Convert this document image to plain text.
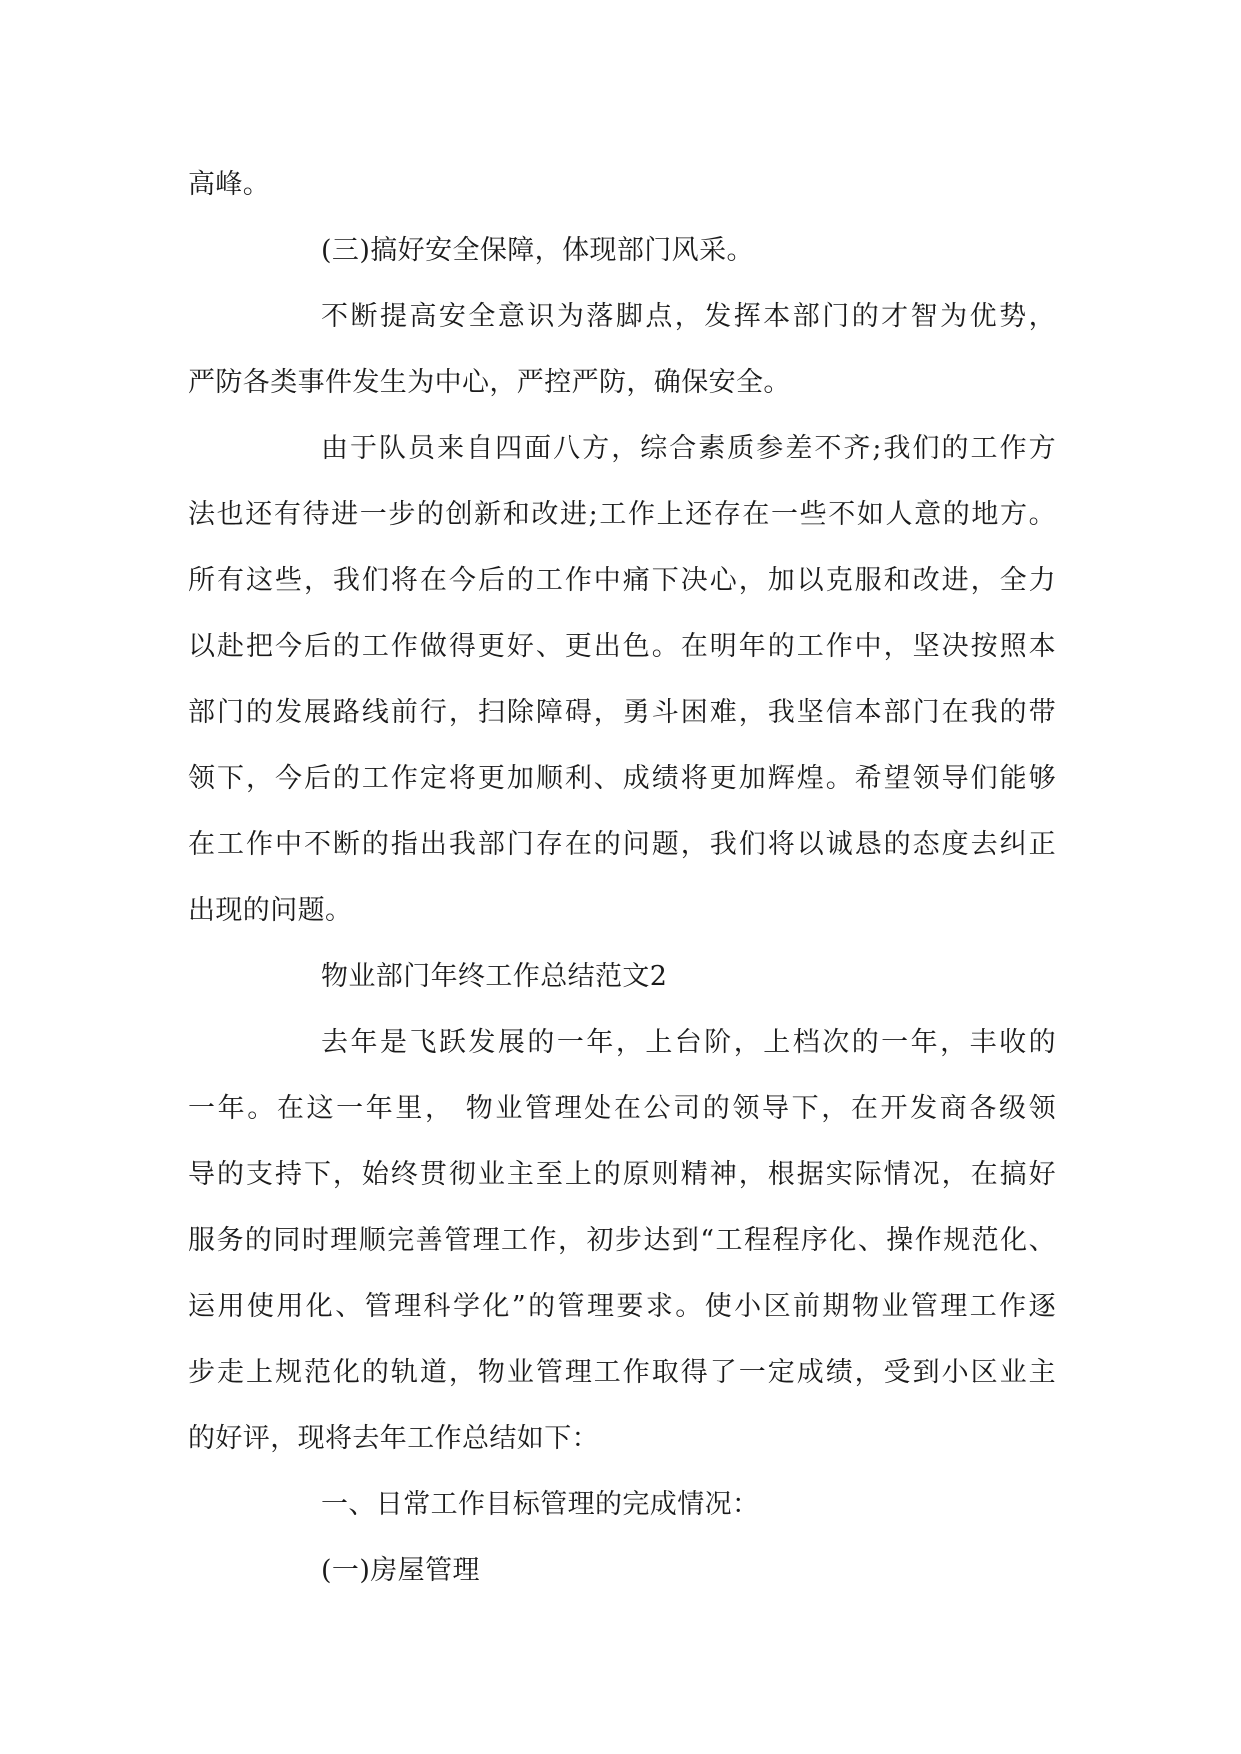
高峰。
(三)搞好安全保障，体现部门风采。
不断提高安全意识为落脚点，发挥本部门的才智为优势，
严防各类事件发生为中心，严控严防，确保安全。
由于队员来自四面八方，综合素质参差不齐;我们的工作方
法也还有待进一步的创新和改进;工作上还存在一些不如人意的地方。
所有这些，我们将在今后的工作中痛下决心，加以克服和改进，全力
以赴把今后的工作做得更好、更出色。在明年的工作中，坚决按照本
部门的发展路线前行，扫除障碍，勇斗困难，我坚信本部门在我的带
领下，今后的工作定将更加顺利、成绩将更加辉煌。希望领导们能够
在工作中不断的指出我部门存在的问题，我们将以诚恳的态度去纠正
出现的问题。
物业部门年终工作总结范文2
去年是飞跃发展的一年，上台阶，上档次的一年，丰收的
一年。在这一年里， 物业管理处在公司的领导下，在开发商各级领
导的支持下，始终贯彻业主至上的原则精神，根据实际情况，在搞好
服务的同时理顺完善管理工作，初步达到“工程程序化、操作规范化、
运用使用化、管理科学化”的管理要求。使小区前期物业管理工作逐
步走上规范化的轨道，物业管理工作取得了一定成绩，受到小区业主
的好评，现将去年工作总结如下：
一、日常工作目标管理的完成情况：
(一)房屋管理
